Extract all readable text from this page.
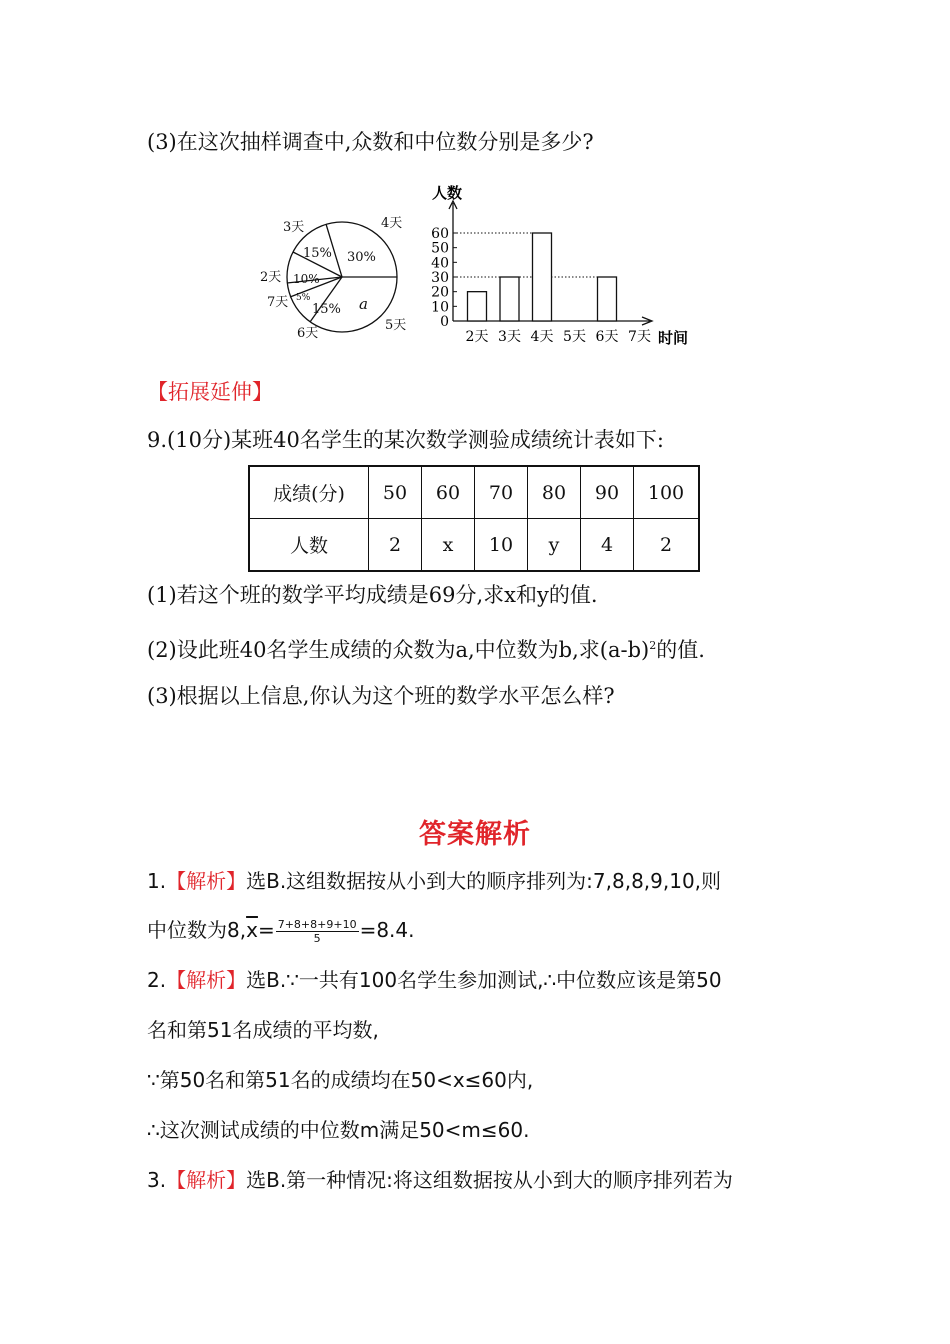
(3)在这次抽样调查中,众数和中位数分别是多少?
3天	4天
2天
7天
6天
5天
15% 30%
10%
5%
15% a
人数
时间
0
10
20
30
40
50
60
2天 3天 4天 5天 6天 7天
【拓展延伸】
9.(10分)某班40名学生的某次数学测验成绩统计表如下:
成绩(分)	50	60	70	80	90	100
人数	2	x	10	y	4	2
(1)若这个班的数学平均成绩是69分,求x和y的值.
(2)设此班40名学生成绩的众数为a,中位数为b,求$(a-b)^2$的值.
(3)根据以上信息,你认为这个班的数学水平怎么样?
答案解析
1.【解析】选B.这组数据按从小到大的顺序排列为:7,8,8,9,10,则
中位数为$8,\overline{x}= \frac{7+8+8+9+10}{5} =8.4$.
2.【解析】选B.∵一共有100名学生参加测试,∴中位数应该是第50
名和第51名成绩的平均数,
∵第50名和第51名的成绩均在50<x≤60内,
∴这次测试成绩的中位数m满足50<m≤60.
3.【解析】选B.第一种情况:将这组数据按从小到大的顺序排列若为
